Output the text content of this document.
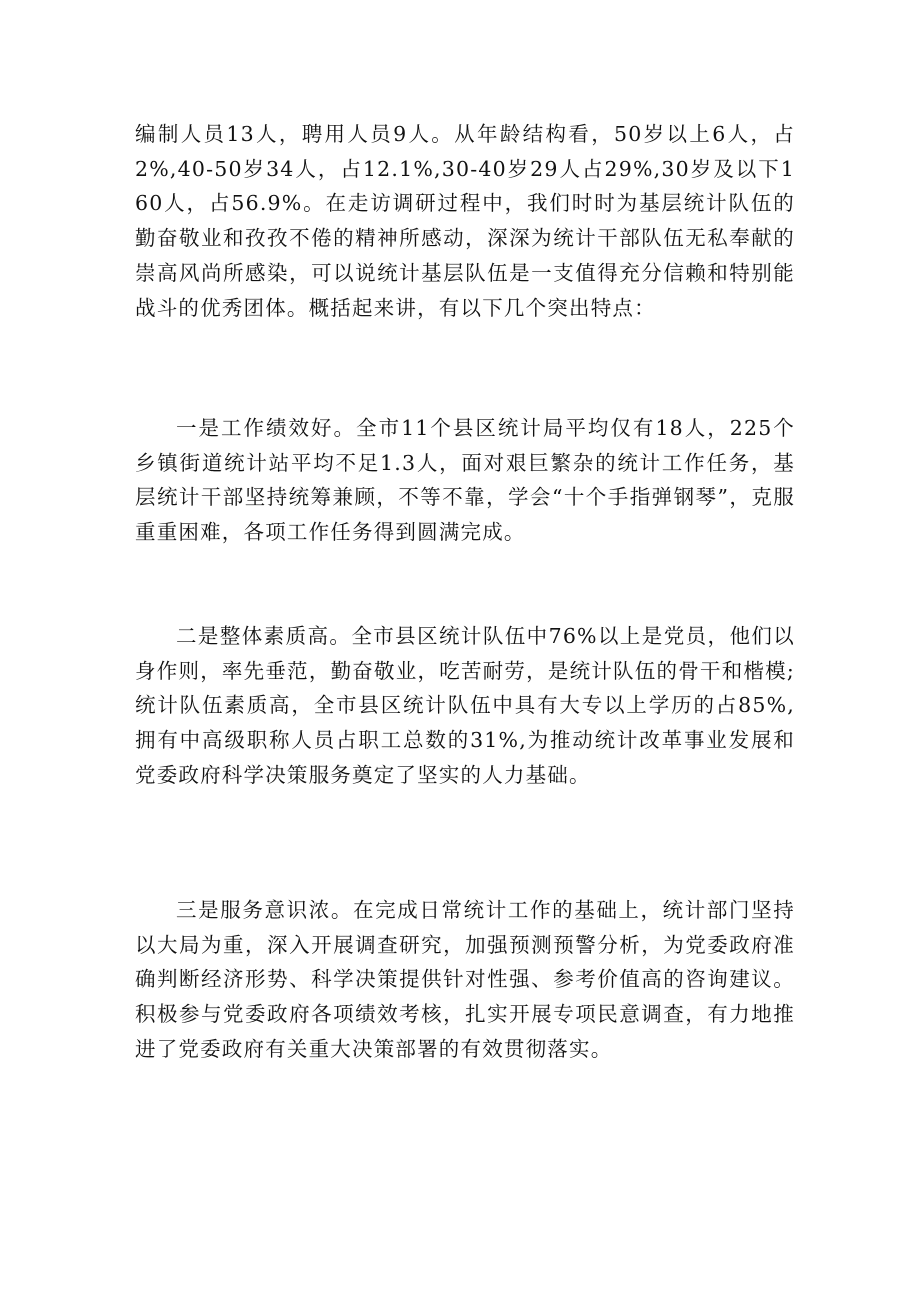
编制人员13人，聘用人员9人。从年龄结构看，50岁以上6人，占2%,40-50岁34人，占12.1%,30-40岁29人占29%,30岁及以下160人，占56.9%。在走访调研过程中，我们时时为基层统计队伍的勤奋敬业和孜孜不倦的精神所感动，深深为统计干部队伍无私奉献的崇高风尚所感染，可以说统计基层队伍是一支值得充分信赖和特别能战斗的优秀团体。概括起来讲，有以下几个突出特点：

一是工作绩效好。全市11个县区统计局平均仅有18人，225个乡镇街道统计站平均不足1.3人，面对艰巨繁杂的统计工作任务，基层统计干部坚持统筹兼顾，不等不靠，学会“十个手指弹钢琴”，克服重重困难，各项工作任务得到圆满完成。

二是整体素质高。全市县区统计队伍中76%以上是党员，他们以身作则，率先垂范，勤奋敬业，吃苦耐劳，是统计队伍的骨干和楷模;统计队伍素质高，全市县区统计队伍中具有大专以上学历的占85%,拥有中高级职称人员占职工总数的31%,为推动统计改革事业发展和党委政府科学决策服务奠定了坚实的人力基础。

三是服务意识浓。在完成日常统计工作的基础上，统计部门坚持以大局为重，深入开展调查研究，加强预测预警分析，为党委政府准确判断经济形势、科学决策提供针对性强、参考价值高的咨询建议。积极参与党委政府各项绩效考核，扎实开展专项民意调查，有力地推进了党委政府有关重大决策部署的有效贯彻落实。
